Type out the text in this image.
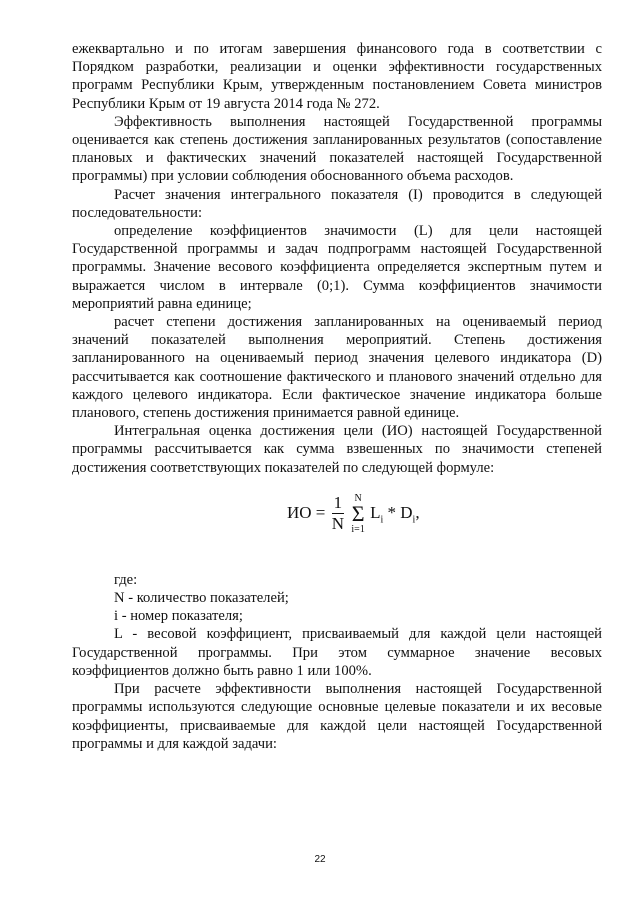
ежеквартально и по итогам завершения финансового года в соответствии с Порядком разработки, реализации и оценки эффективности государственных программ Республики Крым, утвержденным постановлением Совета министров Республики Крым от 19 августа 2014 года № 272.

Эффективность выполнения настоящей Государственной программы оценивается как степень достижения запланированных результатов (сопоставление плановых и фактических значений показателей настоящей Государственной программы) при условии соблюдения обоснованного объема расходов.

Расчет значения интегрального показателя (I) проводится в следующей последовательности:

определение коэффициентов значимости (L) для цели настоящей Государственной программы и задач подпрограмм настоящей Государственной программы. Значение весового коэффициента определяется экспертным путем и выражается числом в интервале (0;1). Сумма коэффициентов значимости мероприятий равна единице;

расчет степени достижения запланированных на оцениваемый период значений показателей выполнения мероприятий. Степень достижения запланированного на оцениваемый период значения целевого индикатора (D) рассчитывается как соотношение фактического и планового значений отдельно для каждого целевого индикатора. Если фактическое значение индикатора больше планового, степень достижения принимается равной единице.

Интегральная оценка достижения цели (ИО) настоящей Государственной программы рассчитывается как сумма взвешенных по значимости степеней достижения соответствующих показателей по следующей формуле:

ИО = $\frac{1}{N}$
	N
Σ
i=1
$L_i * D_i$,

где:

N - количество показателей;

i - номер показателя;

L - весовой коэффициент, присваиваемый для каждой цели настоящей Государственной программы. При этом суммарное значение весовых коэффициентов должно быть равно 1 или 100%.

При расчете эффективности выполнения настоящей Государственной программы используются следующие основные целевые показатели и их весовые коэффициенты, присваиваемые для каждой цели настоящей Государственной программы и для каждой задачи:

22
